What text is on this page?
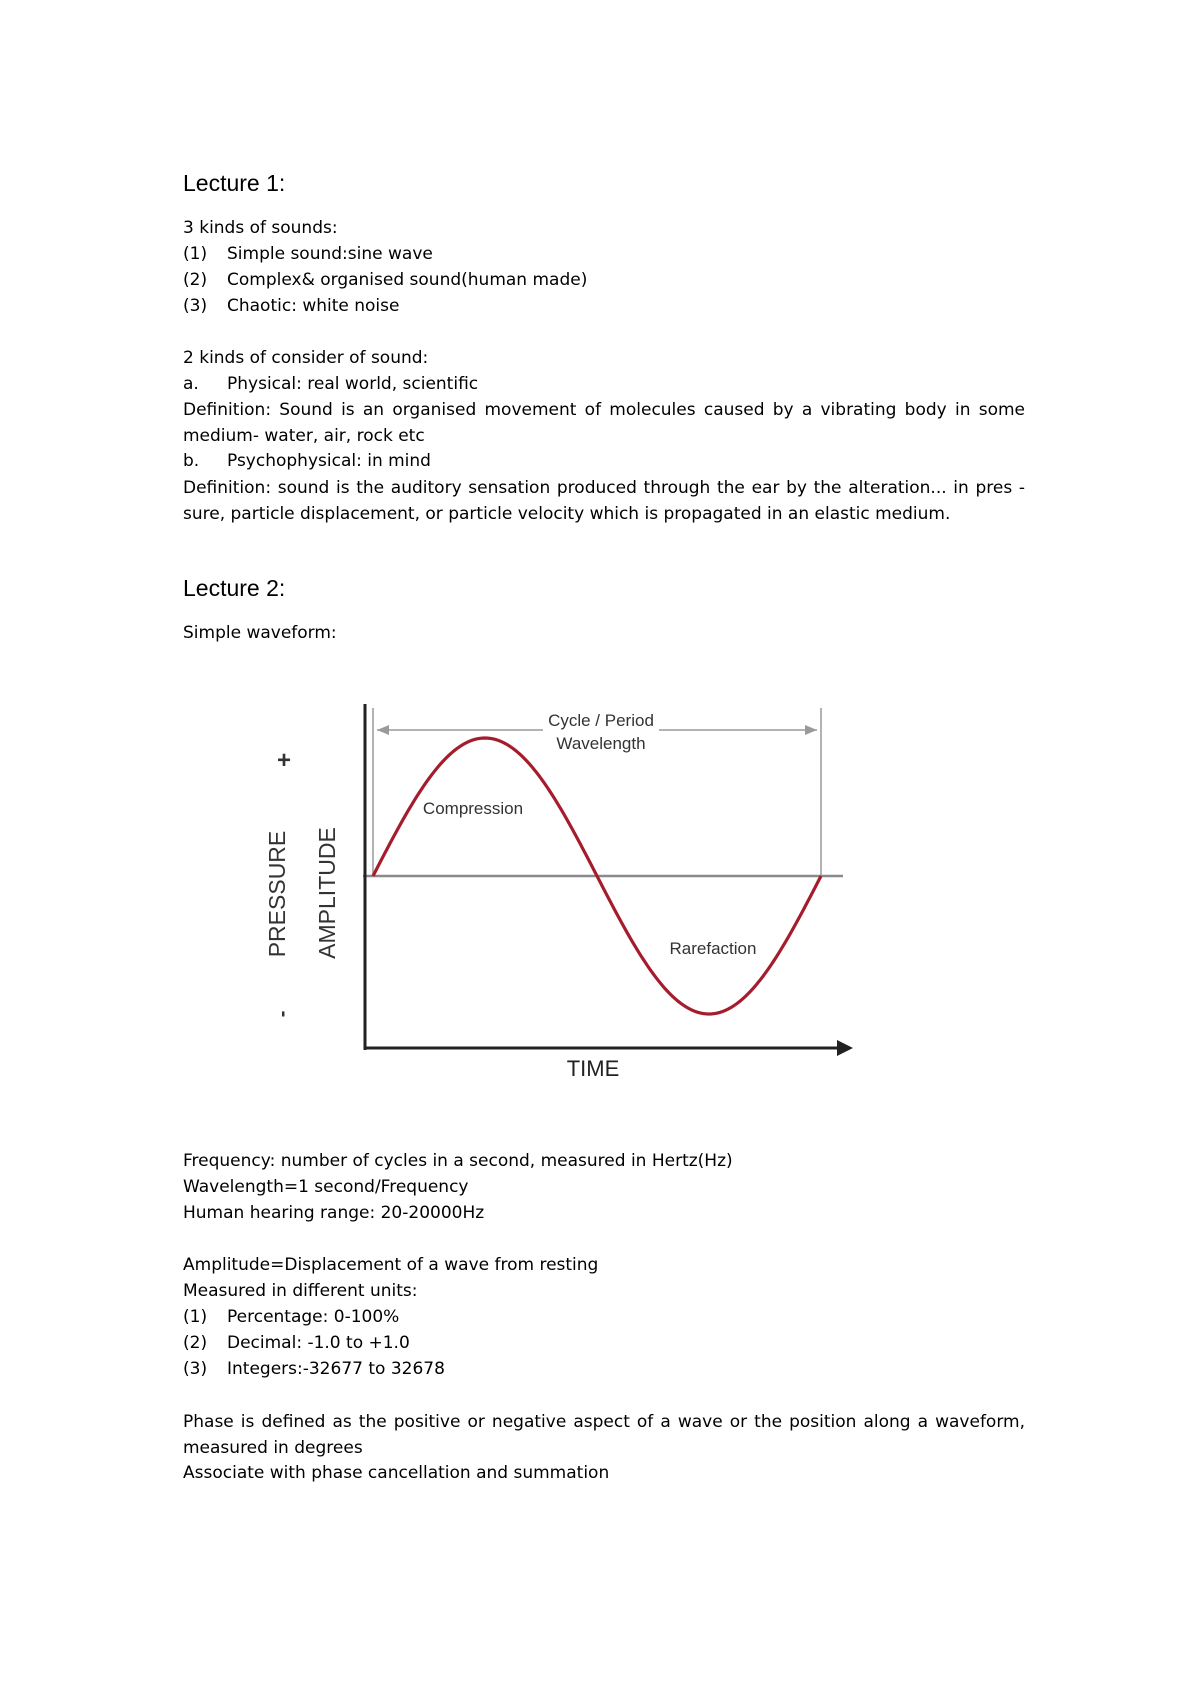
Lecture 1:
3 kinds of sounds:
(1) Simple sound:sine wave
(2) Complex& organised sound(human made)
(3) Chaotic: white noise
2 kinds of consider of sound:
a. Physical: real world, scientific
Definition: Sound is an organised movement of molecules caused by a vibrating body in some medium- water, air, rock etc
b. Psychophysical: in mind
Definition: sound is the auditory sensation produced through the ear by the alteration... in pres - sure, particle displacement, or particle velocity which is propagated in an elastic medium.
Lecture 2:
Simple waveform:
Cycle / Period
Wavelength
Compression
Rarefaction
PRESSURE AMPLITUDE
+
-
TIME
Frequency: number of cycles in a second, measured in Hertz(Hz)
Wavelength=1 second/Frequency
Human hearing range: 20-20000Hz
Amplitude=Displacement of a wave from resting
Measured in different units:
(1) Percentage: 0-100%
(2) Decimal: -1.0 to +1.0
(3) Integers:-32677 to 32678
Phase is defined as the positive or negative aspect of a wave or the position along a waveform, measured in degrees
Associate with phase cancellation and summation
